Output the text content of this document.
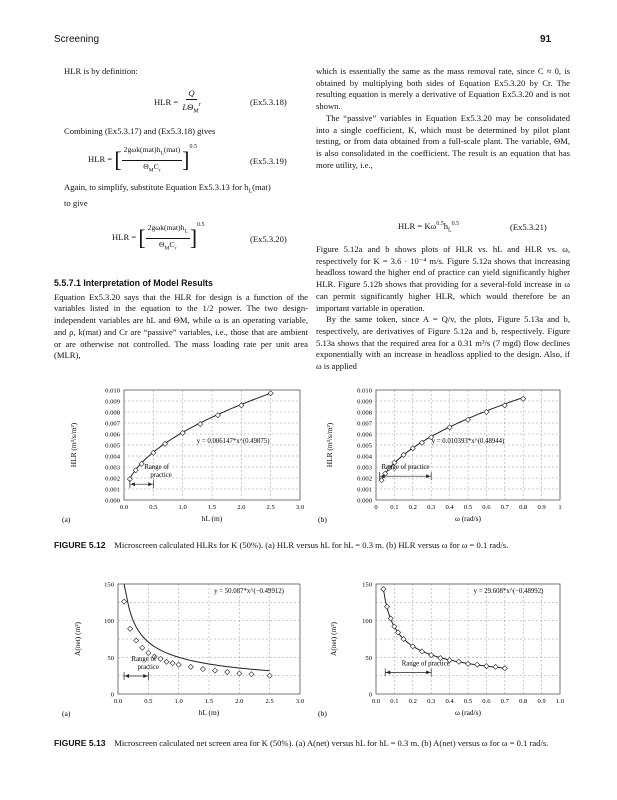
Screening	91

HLR is by definition:

HLR = $\frac{Q}{L\Theta_M^r}$	(Ex5.3.18)

Combining (Ex5.3.17) and (Ex5.3.18) gives

HLR = [ $\frac{2g\omega k(mat)h_L(mat)}{\Theta_MC_r} ]^{0.5}$
(Ex5.3.19)

Again, to simplify, substitute Equation Ex5.3.13 for $h_L(mat)$
to give

HLR = [ $\frac{2g\omega k(mat)h_L}{\Theta_MC_r} ]^{0.5}$
(Ex5.3.20)

5.5.7.1 Interpretation of Model Results

Equation Ex5.3.20 says that the HLR for design is a function of the variables listed in the equation to the 1/2 power. The two design-independent variables are hL and ΘM, while ω is an operating variable, and ρ, k(mat) and Cr are “passive” variables, i.e., those that are ambient or are otherwise not controlled. The mass loading rate per unit area (MLR),

which is essentially the same as the mass removal rate, since C ≈ 0, is obtained by multiplying both sides of Equation Ex5.3.20 by Cr. The resulting equation is merely a derivative of Equation Ex5.3.20 and is not shown.

The “passive” variables in Equation Ex5.3.20 may be consolidated into a single coefficient, K, which must be determined by pilot plant testing, or from data obtained from a full-scale plant. The variable, ΘM, is also consolidated in the coefficient. The result is an equation that has more utility, i.e.,

HLR = $K\omega^{0.5}h_L^{0.5}$	(Ex5.3.21)

Figure 5.12a and b shows plots of HLR vs. hL and HLR vs. ω, respectively for K = 3.6 · 10⁻⁴ m/s. Figure 5.12a shows that increasing headloss toward the higher end of practice can yield significantly higher HLR. Figure 5.12b shows that providing for a several-fold increase in ω can permit significantly higher HLR, which would therefore be an important variable in operation.

By the same token, since A = Q/v, the plots, Figure 5.13a and b, respectively, are derivatives of Figure 5.12a and b, respectively. Figure 5.13a shows that the required area for a 0.31 m³/s (7 mgd) flow declines exponentially with an increase in headloss applied to the design. Also, if ω is applied

0.000
0.001
0.002
0.003
0.004
0.005
0.006
0.007
0.008
0.009
0.010
0.0	0.5	1.0	1.5	2.0	2.5	3.0
y = 0.006147*x^(0.49875)
Range of
practice
hL (m)
HLR (m³/s/m²)
(a)
0.000
0.001
0.002
0.003
0.004
0.005
0.006
0.007
0.008
0.009
0.010
0 0.1 0.2 0.3 0.4 0.5 0.6 0.7 0.8 0.9 1
y = 0.010393*x^(0.48944)
Range of practice
ω (rad/s)
HLR (m³/s/m²)
(b)
FIGURE 5.12 Microscreen calculated HLRs for K (50%). (a) HLR versus hL for hL = 0.3 m. (b) HLR versus ω for ω = 0.1 rad/s.
0
50
100
150
0.0	0.5	1.0	1.5	2.0	2.5	3.0
y = 50.087*x^(−0.49912)
Range of
practice
hL (m)
A(net) (m²)
(a)
0
50
100
150
0.0 0.1 0.2 0.3 0.4 0.5 0.6 0.7 0.8 0.9 1.0
y = 29.608*x^(−0.48992)
Range of practice
ω (rad/s)
A(net) (m²)
(b)
FIGURE 5.13 Microscreen calculated net screen area for K (50%). (a) A(net) versus hL for hL = 0.3 m. (b) A(net) versus ω for ω = 0.1 rad/s.
